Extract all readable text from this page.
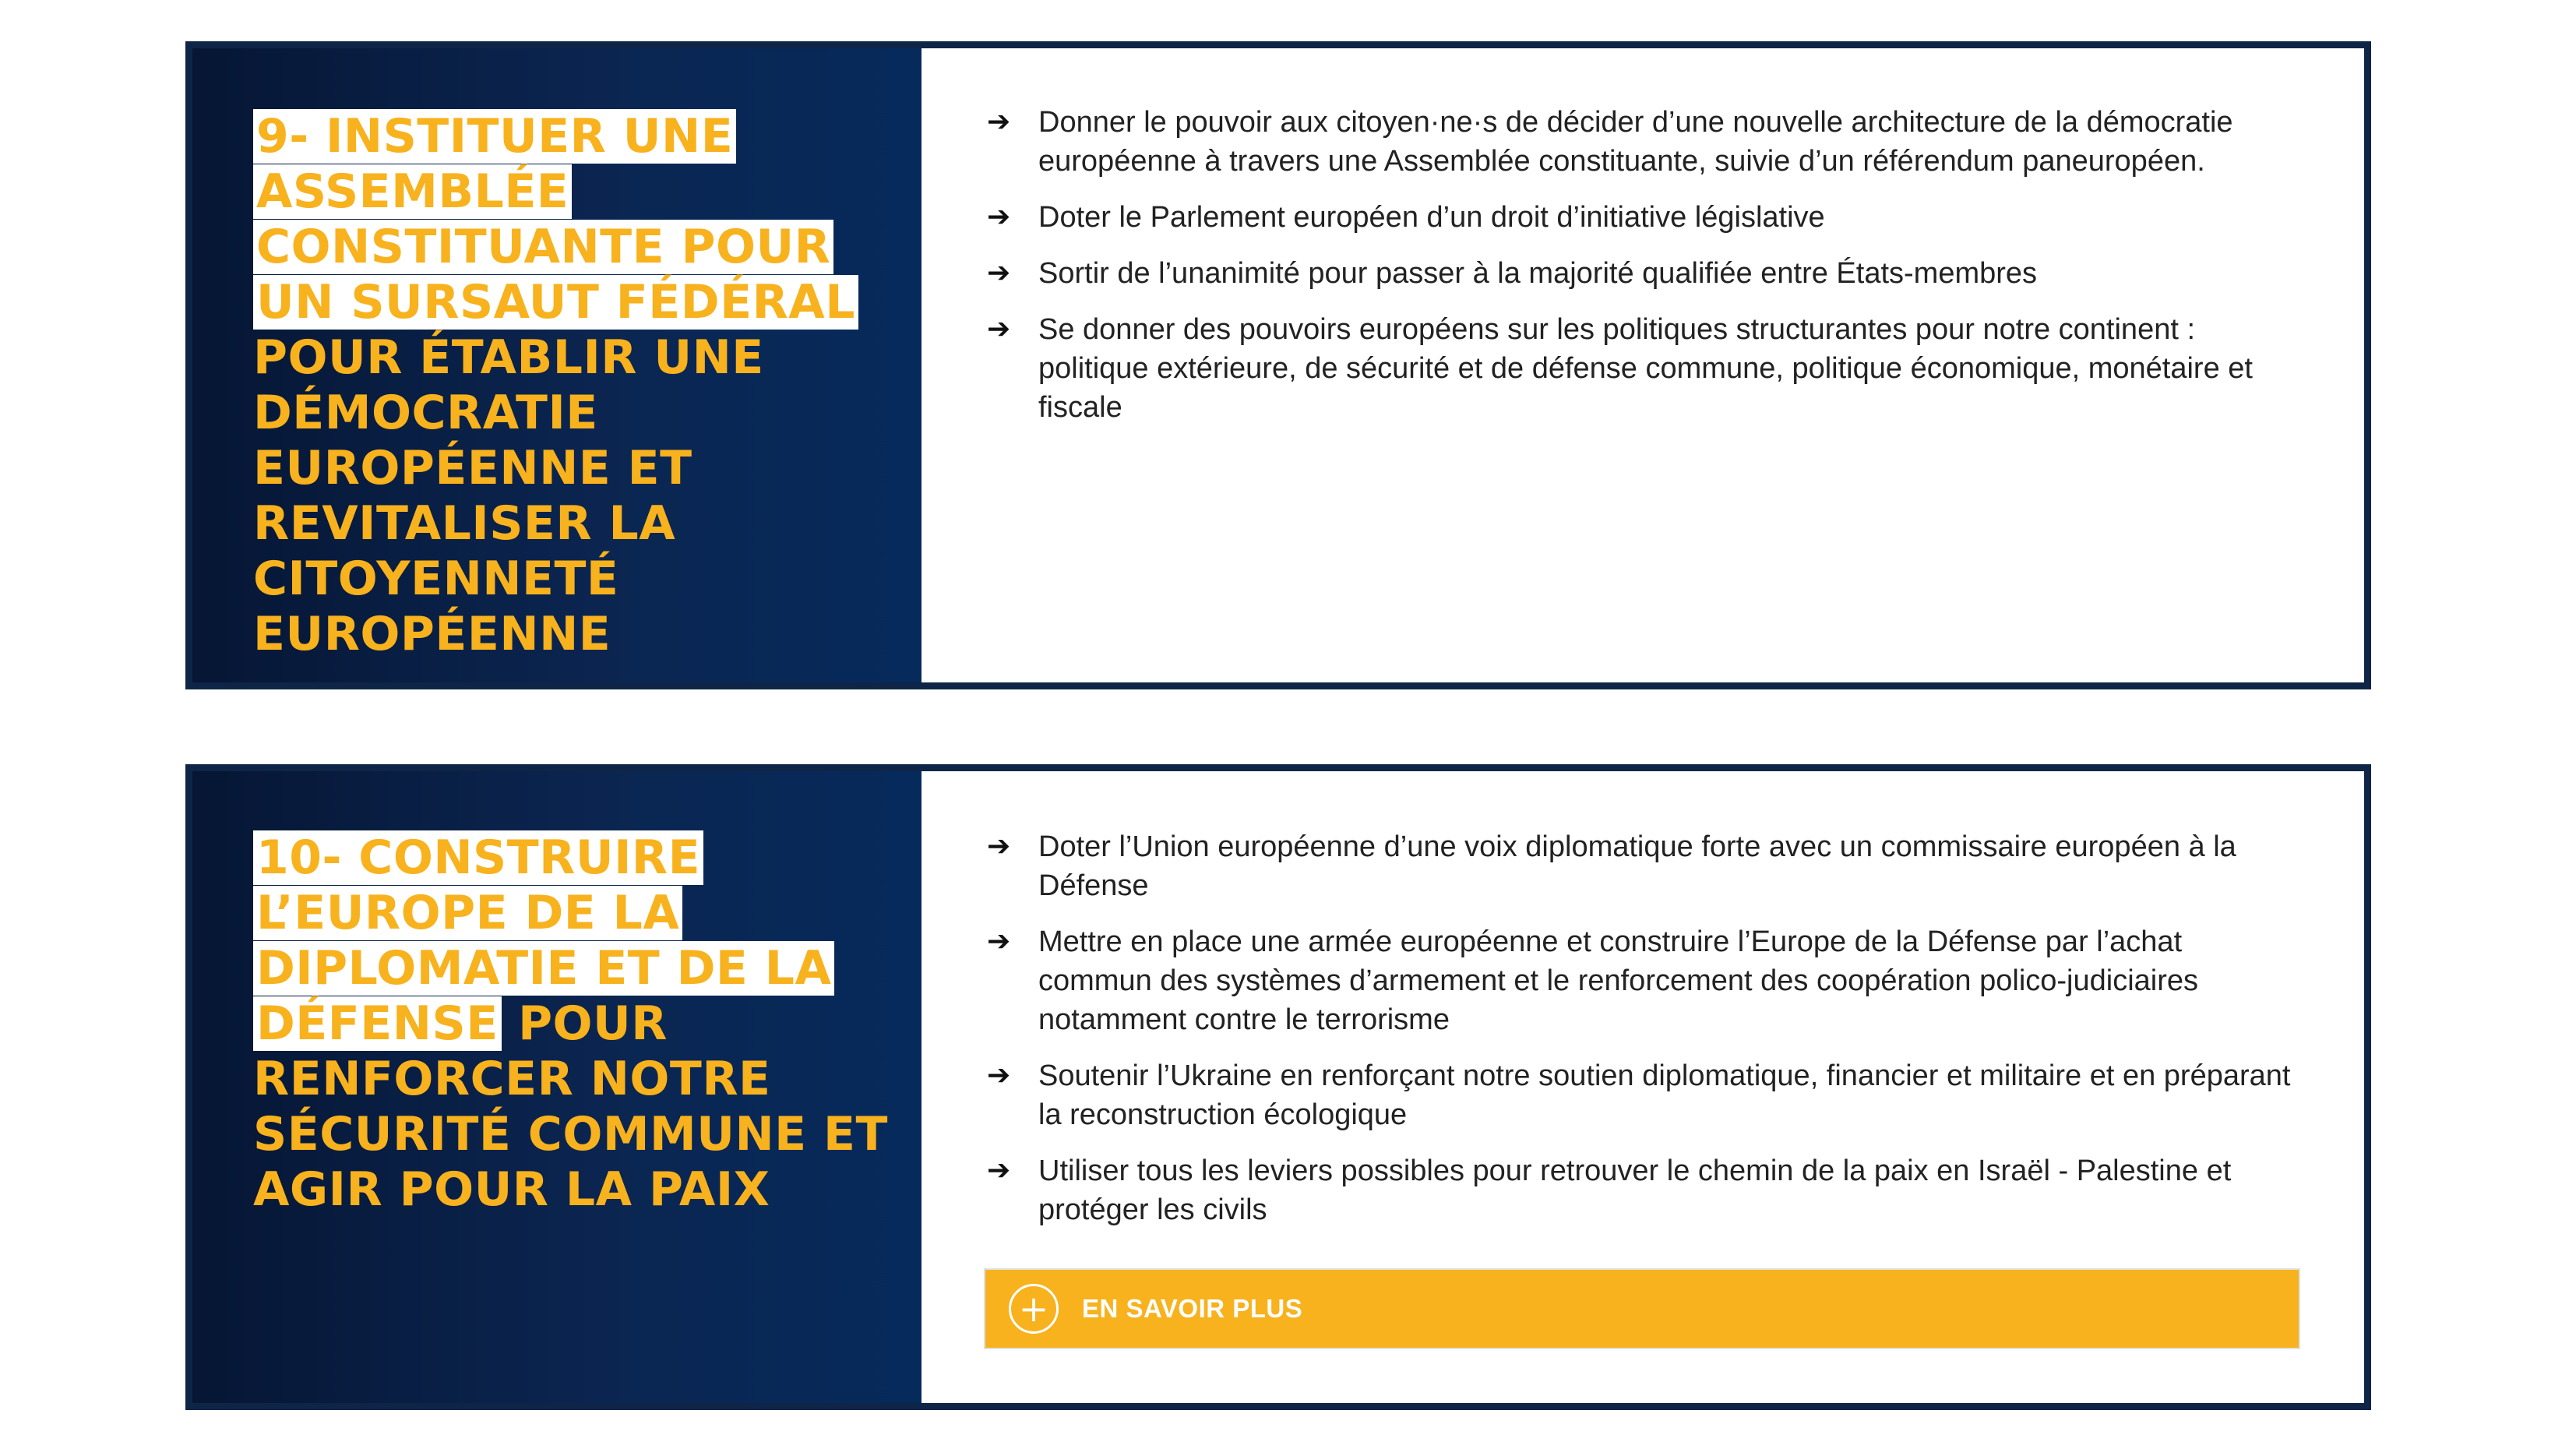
9- INSTITUER UNE ASSEMBLÉE CONSTITUANTE POUR UN SURSAUT FÉDÉRAL POUR ÉTABLIR UNE DÉMOCRATIE EUROPÉENNE ET REVITALISER LA CITOYENNETÉ EUROPÉENNE
➔ Donner le pouvoir aux citoyen·ne·s de décider d’une nouvelle architecture de la démocratie européenne à travers une Assemblée constituante, suivie d’un référendum paneuropéen.
➔ Doter le Parlement européen d’un droit d’initiative législative
➔ Sortir de l’unanimité pour passer à la majorité qualifiée entre États-membres
➔ Se donner des pouvoirs européens sur les politiques structurantes pour notre continent : politique extérieure, de sécurité et de défense commune, politique économique, monétaire et fiscale
10- CONSTRUIRE L’EUROPE DE LA DIPLOMATIE ET DE LA DÉFENSE POUR RENFORCER NOTRE SÉCURITÉ COMMUNE ET AGIR POUR LA PAIX
➔ Doter l’Union européenne d’une voix diplomatique forte avec un commissaire européen à la Défense
➔ Mettre en place une armée européenne et construire l’Europe de la Défense par l’achat commun des systèmes d’armement et le renforcement des coopération polico-judiciaires notamment contre le terrorisme
➔ Soutenir l’Ukraine en renforçant notre soutien diplomatique, financier et militaire et en préparant la reconstruction écologique
➔ Utiliser tous les leviers possibles pour retrouver le chemin de la paix en Israël - Palestine et protéger les civils
+	EN SAVOIR PLUS
